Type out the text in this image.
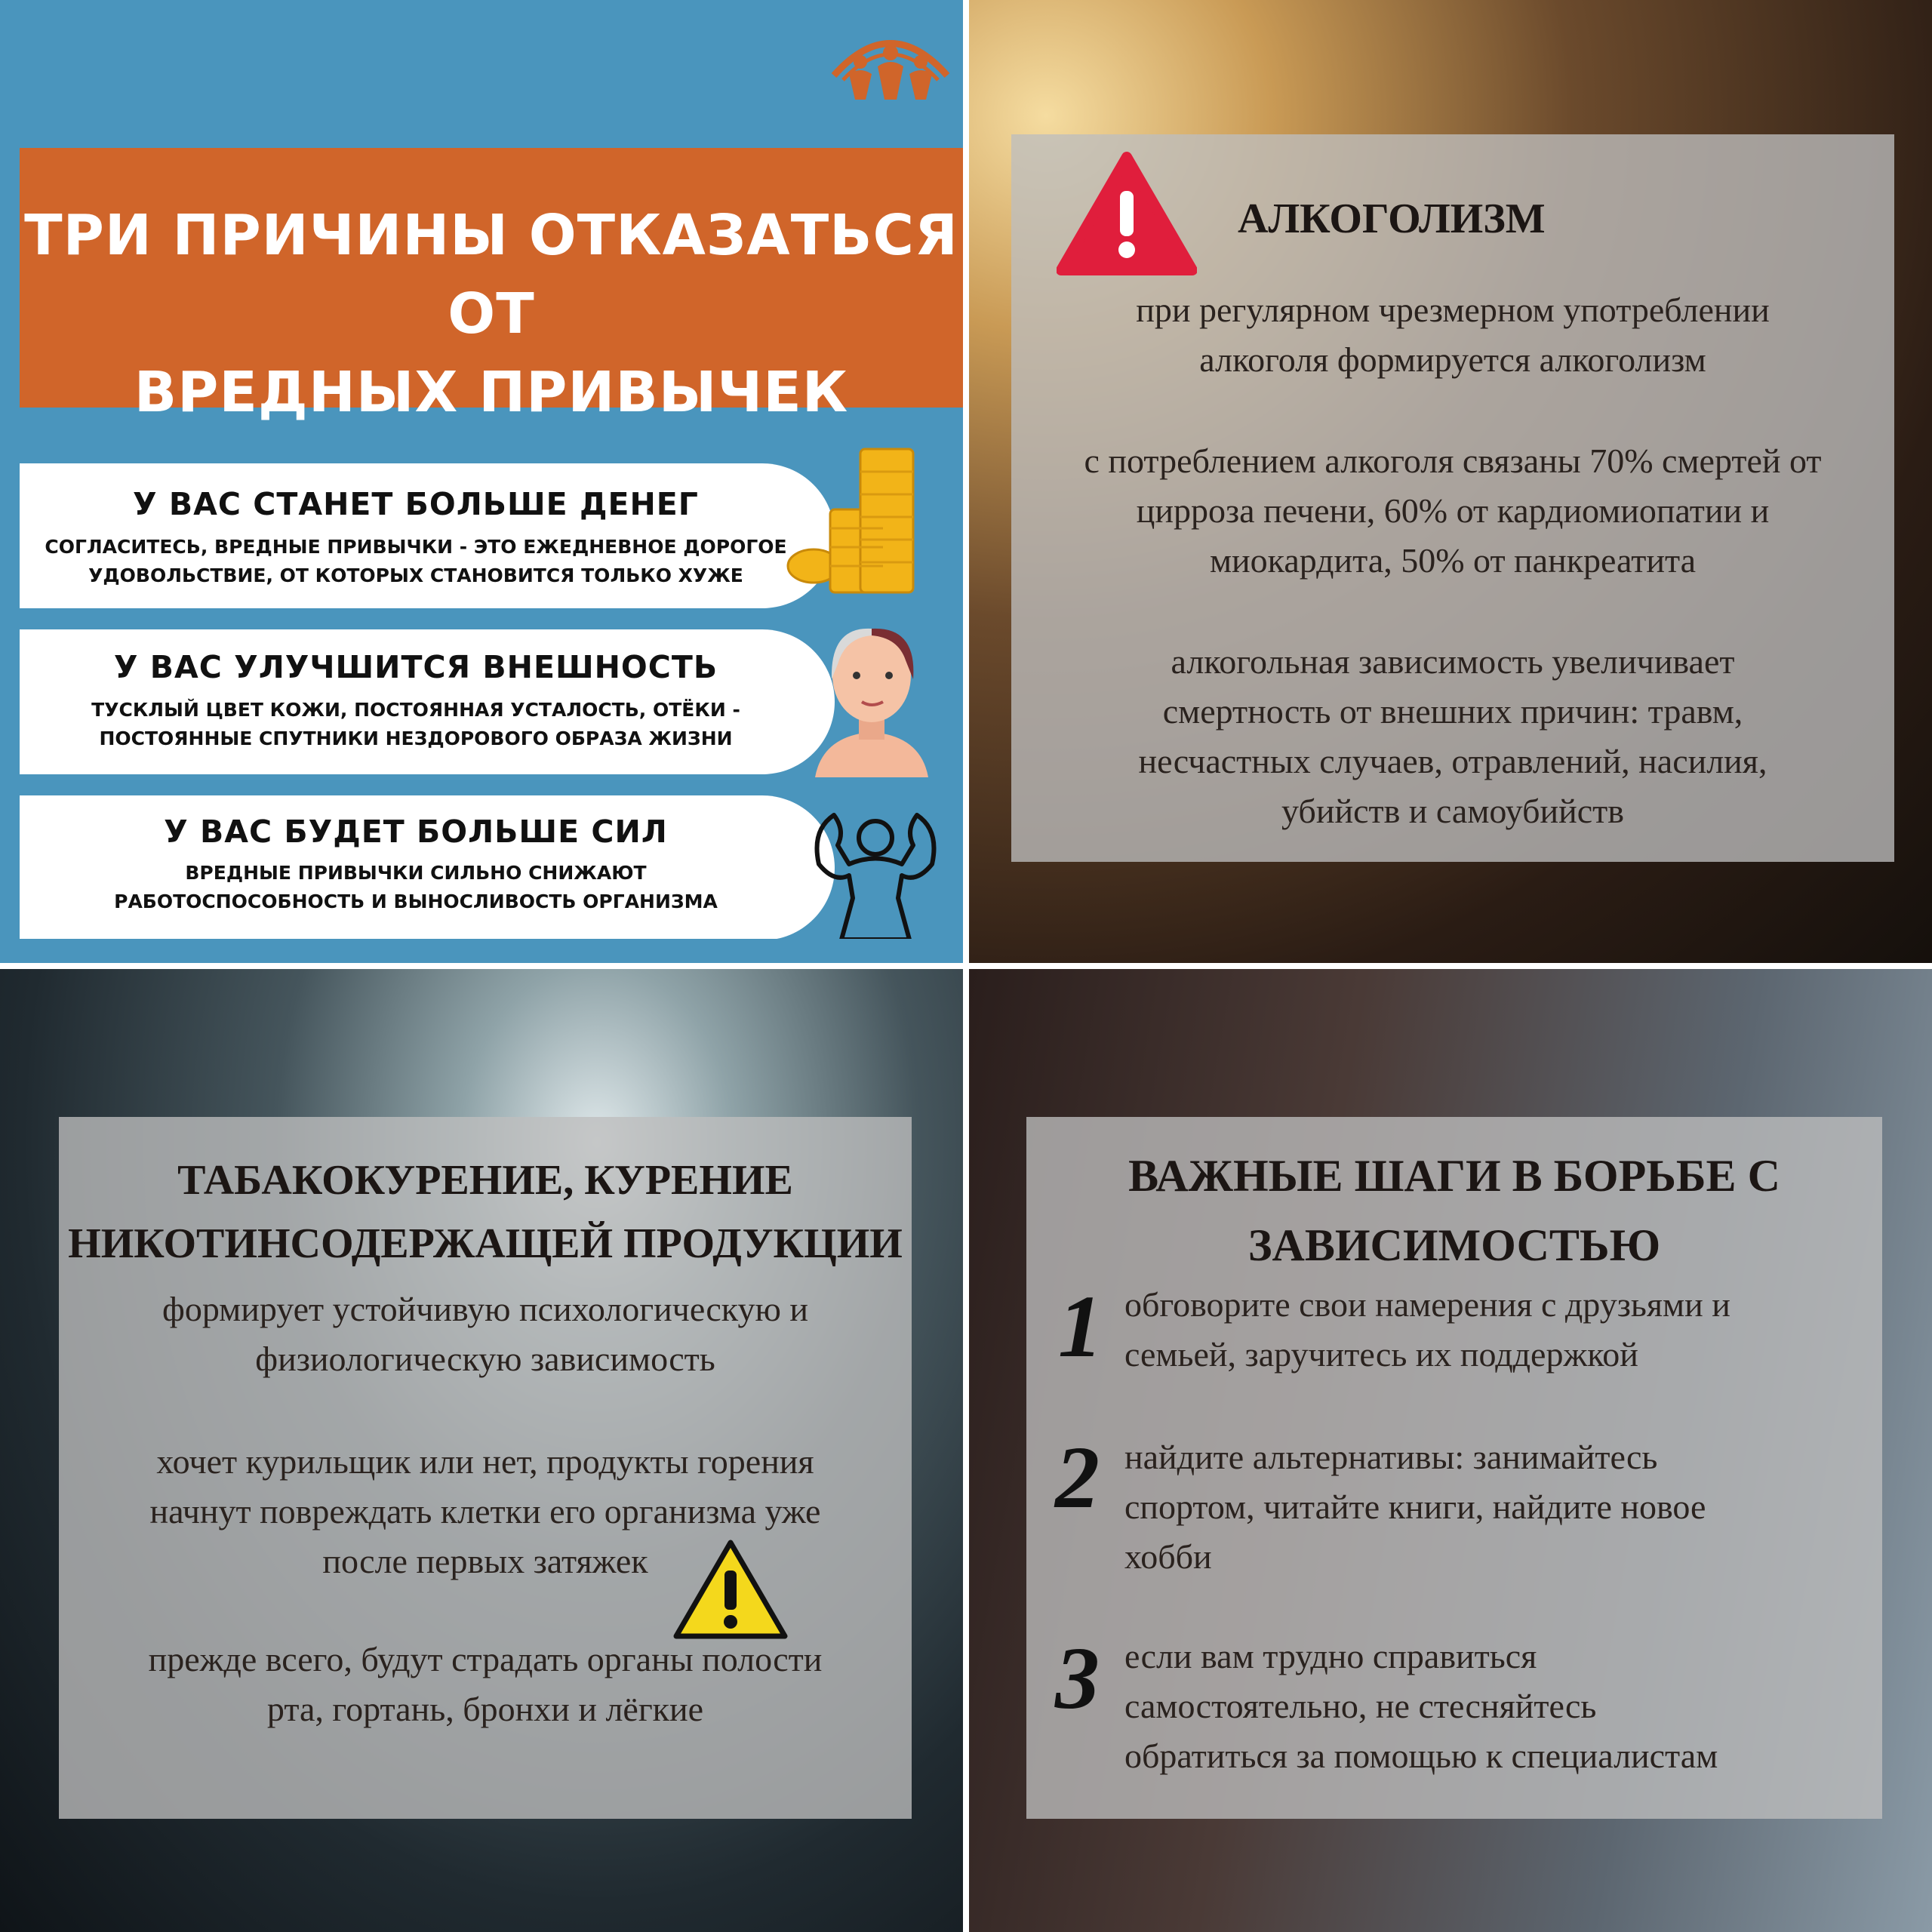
ТРИ ПРИЧИНЫ ОТКАЗАТЬСЯ ОТ
ВРЕДНЫХ ПРИВЫЧЕК
У ВАС СТАНЕТ БОЛЬШЕ ДЕНЕГ
СОГЛАСИТЕСЬ, ВРЕДНЫЕ ПРИВЫЧКИ - ЭТО ЕЖЕДНЕВНОЕ ДОРОГОЕ
УДОВОЛЬСТВИЕ, ОТ КОТОРЫХ СТАНОВИТСЯ ТОЛЬКО ХУЖЕ
У ВАС УЛУЧШИТСЯ ВНЕШНОСТЬ
ТУСКЛЫЙ ЦВЕТ КОЖИ, ПОСТОЯННАЯ УСТАЛОСТЬ, ОТЁКИ -
ПОСТОЯННЫЕ СПУТНИКИ НЕЗДОРОВОГО ОБРАЗА ЖИЗНИ
У ВАС БУДЕТ БОЛЬШЕ СИЛ
ВРЕДНЫЕ ПРИВЫЧКИ СИЛЬНО СНИЖАЮТ
РАБОТОСПОСОБНОСТЬ И ВЫНОСЛИВОСТЬ ОРГАНИЗМА
АЛКОГОЛИЗМ
при регулярном чрезмерном употреблении
алкоголя формируется алкоголизм
с потреблением алкоголя связаны 70% смертей от
цирроза печени, 60% от кардиомиопатии и
миокардита, 50% от панкреатита
алкогольная зависимость увеличивает
смертность от внешних причин: травм,
несчастных случаев, отравлений, насилия,
убийств и самоубийств
ТАБАКОКУРЕНИЕ, КУРЕНИЕ
НИКОТИНСОДЕРЖАЩЕЙ ПРОДУКЦИИ
формирует устойчивую психологическую и
физиологическую зависимость
хочет курильщик или нет, продукты горения
начнут повреждать клетки его организма уже
после первых затяжек
прежде всего, будут страдать органы полости
рта, гортань, бронхи и лёгкие
ВАЖНЫЕ ШАГИ В БОРЬБЕ С
ЗАВИСИМОСТЬЮ
1 обговорите свои намерения с друзьями и
семьей, заручитесь их поддержкой
2 найдите альтернативы: занимайтесь
спортом, читайте книги, найдите новое
хобби
3 если вам трудно справиться
самостоятельно, не стесняйтесь
обратиться за помощью к специалистам
